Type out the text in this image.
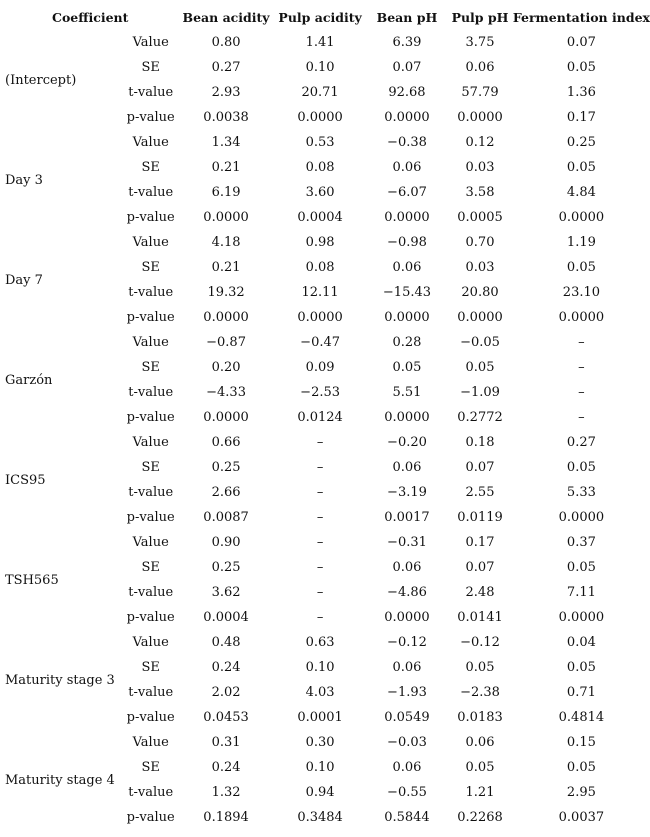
Coefficient		Bean acidity	Pulp acidity	Bean pH	Pulp pH	Fermentation index
(Intercept)	Value	0.80	1.41	6.39	3.75	0.07
	SE	0.27	0.10	0.07	0.06	0.05
	t-value	2.93	20.71	92.68	57.79	1.36
	p-value	0.0038	0.0000	0.0000	0.0000	0.17
Day 3	Value	1.34	0.53	−0.38	0.12	0.25
	SE	0.21	0.08	0.06	0.03	0.05
	t-value	6.19	3.60	−6.07	3.58	4.84
	p-value	0.0000	0.0004	0.0000	0.0005	0.0000
Day 7	Value	4.18	0.98	−0.98	0.70	1.19
	SE	0.21	0.08	0.06	0.03	0.05
	t-value	19.32	12.11	−15.43	20.80	23.10
	p-value	0.0000	0.0000	0.0000	0.0000	0.0000
Garzón	Value	−0.87	−0.47	0.28	−0.05	–
	SE	0.20	0.09	0.05	0.05	–
	t-value	−4.33	−2.53	5.51	−1.09	–
	p-value	0.0000	0.0124	0.0000	0.2772	–
ICS95	Value	0.66	–	−0.20	0.18	0.27
	SE	0.25	–	0.06	0.07	0.05
	t-value	2.66	–	−3.19	2.55	5.33
	p-value	0.0087	–	0.0017	0.0119	0.0000
TSH565	Value	0.90	–	−0.31	0.17	0.37
	SE	0.25	–	0.06	0.07	0.05
	t-value	3.62	–	−4.86	2.48	7.11
	p-value	0.0004	–	0.0000	0.0141	0.0000
Maturity stage 3	Value	0.48	0.63	−0.12	−0.12	0.04
	SE	0.24	0.10	0.06	0.05	0.05
	t-value	2.02	4.03	−1.93	−2.38	0.71
	p-value	0.0453	0.0001	0.0549	0.0183	0.4814
Maturity stage 4	Value	0.31	0.30	−0.03	0.06	0.15
	SE	0.24	0.10	0.06	0.05	0.05
	t-value	1.32	0.94	−0.55	1.21	2.95
	p-value	0.1894	0.3484	0.5844	0.2268	0.0037
